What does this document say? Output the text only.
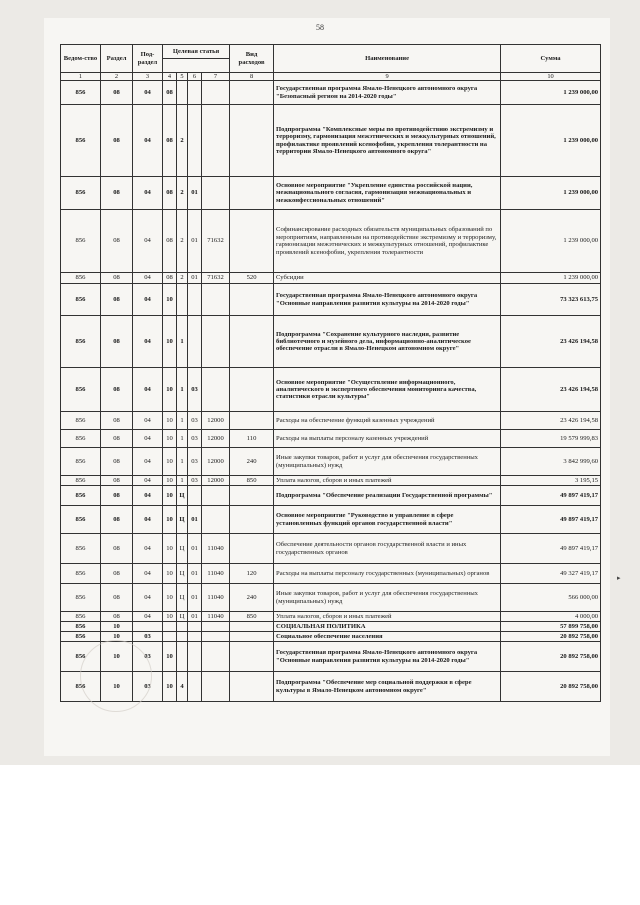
58
Ведом-ство	Раздел	Под-раздел	Целевая статья				Вид расходов	Наименование	Сумма

1	2	3	4	5	6	7	8	9	10
856	08	04	08					Государственная программа Ямало-Ненецкого автономного округа "Безопасный регион на 2014-2020 годы"	1 239 000,00
856	08	04	08	2				Подпрограмма "Комплексные меры по противодействию экстремизму и терроризму, гармонизация межэтнических и межкультурных отношений, профилактике проявлений ксенофобии, укрепления толерантности на территории Ямало-Ненецкого автономного округа"	1 239 000,00
856	08	04	08	2	01			Основное мероприятие "Укрепление единства российской нации, межнационального согласия, гармонизация межнациональных и межконфессиональных отношений"	1 239 000,00
856	08	04	08	2	01	71632		Софинансирование расходных обязательств муниципальных образований по мероприятиям, направленным на противодействие экстремизму и терроризму, гармонизации межэтнических и межкультурных отношений, профилактике проявлений ксенофобии, укрепления толерантности	1 239 000,00
856	08	04	08	2	01	71632	520	Субсидии	1 239 000,00
856	08	04	10					Государственная программа Ямало-Ненецкого автономного округа "Основные направления развития культуры на 2014-2020 годы"	73 323 613,75
856	08	04	10	1				Подпрограмма "Сохранение культурного наследия, развитие библиотечного и музейного дела, информационно-аналитическое обеспечение отрасли в Ямало-Ненецком автономном округе"	23 426 194,58
856	08	04	10	1	03			Основное мероприятие "Осуществление информационного, аналитического и экспертного обеспечения мониторинга качества, статистики отрасли культуры"	23 426 194,58
856	08	04	10	1	03	12000		Расходы на обеспечение функций казенных учреждений	23 426 194,58
856	08	04	10	1	03	12000	110	Расходы на выплаты персоналу казенных учреждений	19 579 999,83
856	08	04	10	1	03	12000	240	Иные закупки товаров, работ и услуг для обеспечения государственных (муниципальных) нужд	3 842 999,60
856	08	04	10	1	03	12000	850	Уплата налогов, сборов и иных платежей	3 195,15
856	08	04	10	Ц				Подпрограмма "Обеспечение реализации Государственной программы"	49 897 419,17
856	08	04	10	Ц	01			Основное мероприятие "Руководство и управление в сфере установленных функций органов государственной власти"	49 897 419,17
856	08	04	10	Ц	01	11040		Обеспечение деятельности органов государственной власти и иных государственных органов	49 897 419,17
856	08	04	10	Ц	01	11040	120	Расходы на выплаты персоналу государственных (муниципальных) органов	49 327 419,17
856	08	04	10	Ц	01	11040	240	Иные закупки товаров, работ и услуг для обеспечения государственных (муниципальных) нужд	566 000,00
856	08	04	10	Ц	01	11040	850	Уплата налогов, сборов и иных платежей	4 000,00
856	10							СОЦИАЛЬНАЯ ПОЛИТИКА	57 899 758,00
856	10	03						Социальное обеспечение населения	20 892 758,00
856	10	03	10					Государственная программа Ямало-Ненецкого автономного округа "Основные направления развития культуры на 2014-2020 годы"	20 892 758,00
856	10	03	10	4				Подпрограмма "Обеспечение мер социальной поддержки в сфере культуры в Ямало-Ненецком автономном округе"	20 892 758,00
▸
